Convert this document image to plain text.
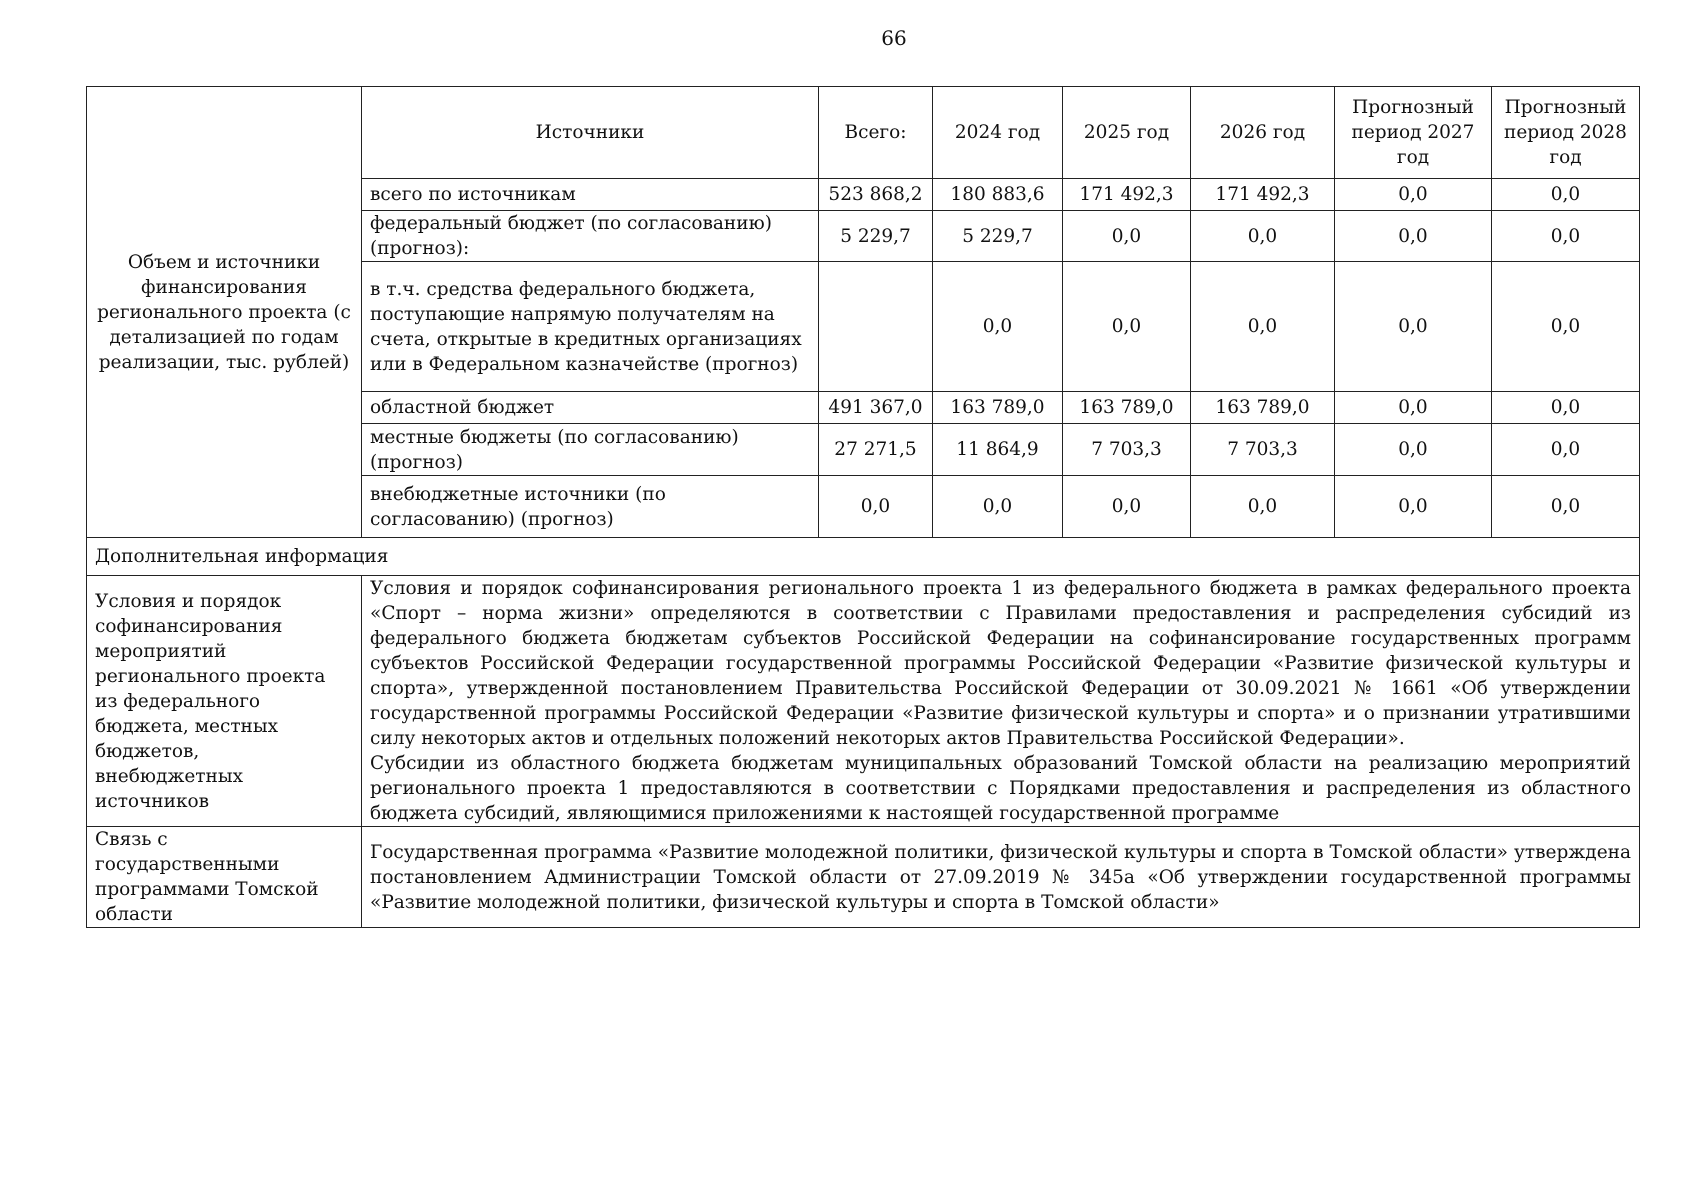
66
Объем и источники финансирования регионального проекта (с детализацией по годам реализации, тыс. рублей)	Источники	Всего:	2024 год	2025 год	2026 год	Прогнозный период 2027 год	Прогнозный период 2028 год
	всего по источникам	523 868,2	180 883,6	171 492,3	171 492,3	0,0	0,0
	федеральный бюджет (по согласованию) (прогноз):	5 229,7	5 229,7	0,0	0,0	0,0	0,0
	в т.ч. средства федерального бюджета, поступающие напрямую получателям на счета, открытые в кредитных организациях или в Федеральном казначействе (прогноз)		0,0	0,0	0,0	0,0	0,0
	областной бюджет	491 367,0	163 789,0	163 789,0	163 789,0	0,0	0,0
	местные бюджеты (по согласованию) (прогноз)	27 271,5	11 864,9	7 703,3	7 703,3	0,0	0,0
	внебюджетные источники (по согласованию) (прогноз)	0,0	0,0	0,0	0,0	0,0	0,0
Дополнительная информация							
Условия и порядок софинансирования мероприятий регионального проекта из федерального бюджета, местных бюджетов, внебюджетных источников	Условия и порядок софинансирования регионального проекта 1 из федерального бюджета в рамках федерального проекта «Спорт – норма жизни» определяются в соответствии с Правилами предоставления и распределения субсидий из федерального бюджета бюджетам субъектов Российской Федерации на софинансирование государственных программ субъектов Российской Федерации государственной программы Российской Федерации «Развитие физической культуры и спорта», утвержденной постановлением Правительства Российской Федерации от 30.09.2021 № 1661 «Об утверждении государственной программы Российской Федерации «Развитие физической культуры и спорта» и о признании утратившими силу некоторых актов и отдельных положений некоторых актов Правительства Российской Федерации».

Субсидии из областного бюджета бюджетам муниципальных образований Томской области на реализацию мероприятий регионального проекта 1 предоставляются в соответствии с Порядками предоставления и распределения из областного бюджета субсидий, являющимися приложениями к настоящей государственной программе						

Связь с государственными программами Томской области	Государственная программа «Развитие молодежной политики, физической культуры и спорта в Томской области» утверждена постановлением Администрации Томской области от 27.09.2019 № 345а «Об утверждении государственной программы «Развитие молодежной политики, физической культуры и спорта в Томской области»						
